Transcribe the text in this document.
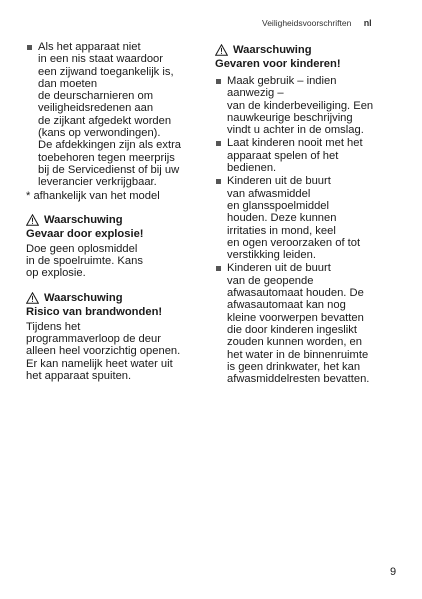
Veiligheidsvoorschriften nl
Als het apparaat niet
in een nis staat waardoor
een zijwand toegankelijk is,
dan moeten
de deurscharnieren om
veiligheidsredenen aan
de zijkant afgedekt worden
(kans op verwondingen).
De afdekkingen zijn als extra
toebehoren tegen meerprijs
bij de Servicedienst of bij uw
leverancier verkrijgbaar.
* afhankelijk van het model
Waarschuwing
Gevaar door explosie!
Doe geen oplosmiddel
in de spoelruimte. Kans
op explosie.
Waarschuwing
Risico van brandwonden!
Tijdens het
programmaverloop de deur
alleen heel voorzichtig openen.
Er kan namelijk heet water uit
het apparaat spuiten.
Waarschuwing
Gevaren voor kinderen!
Maak gebruik – indien
aanwezig –
van de kinderbeveiliging. Een
nauwkeurige beschrijving
vindt u achter in de omslag.
Laat kinderen nooit met het
apparaat spelen of het
bedienen.
Kinderen uit de buurt
van afwasmiddel
en glansspoelmiddel
houden. Deze kunnen
irritaties in mond, keel
en ogen veroorzaken of tot
verstikking leiden.
Kinderen uit de buurt
van de geopende
afwasautomaat houden. De
afwasautomaat kan nog
kleine voorwerpen bevatten
die door kinderen ingeslikt
zouden kunnen worden, en
het water in de binnenruimte
is geen drinkwater, het kan
afwasmiddelresten bevatten.
9
